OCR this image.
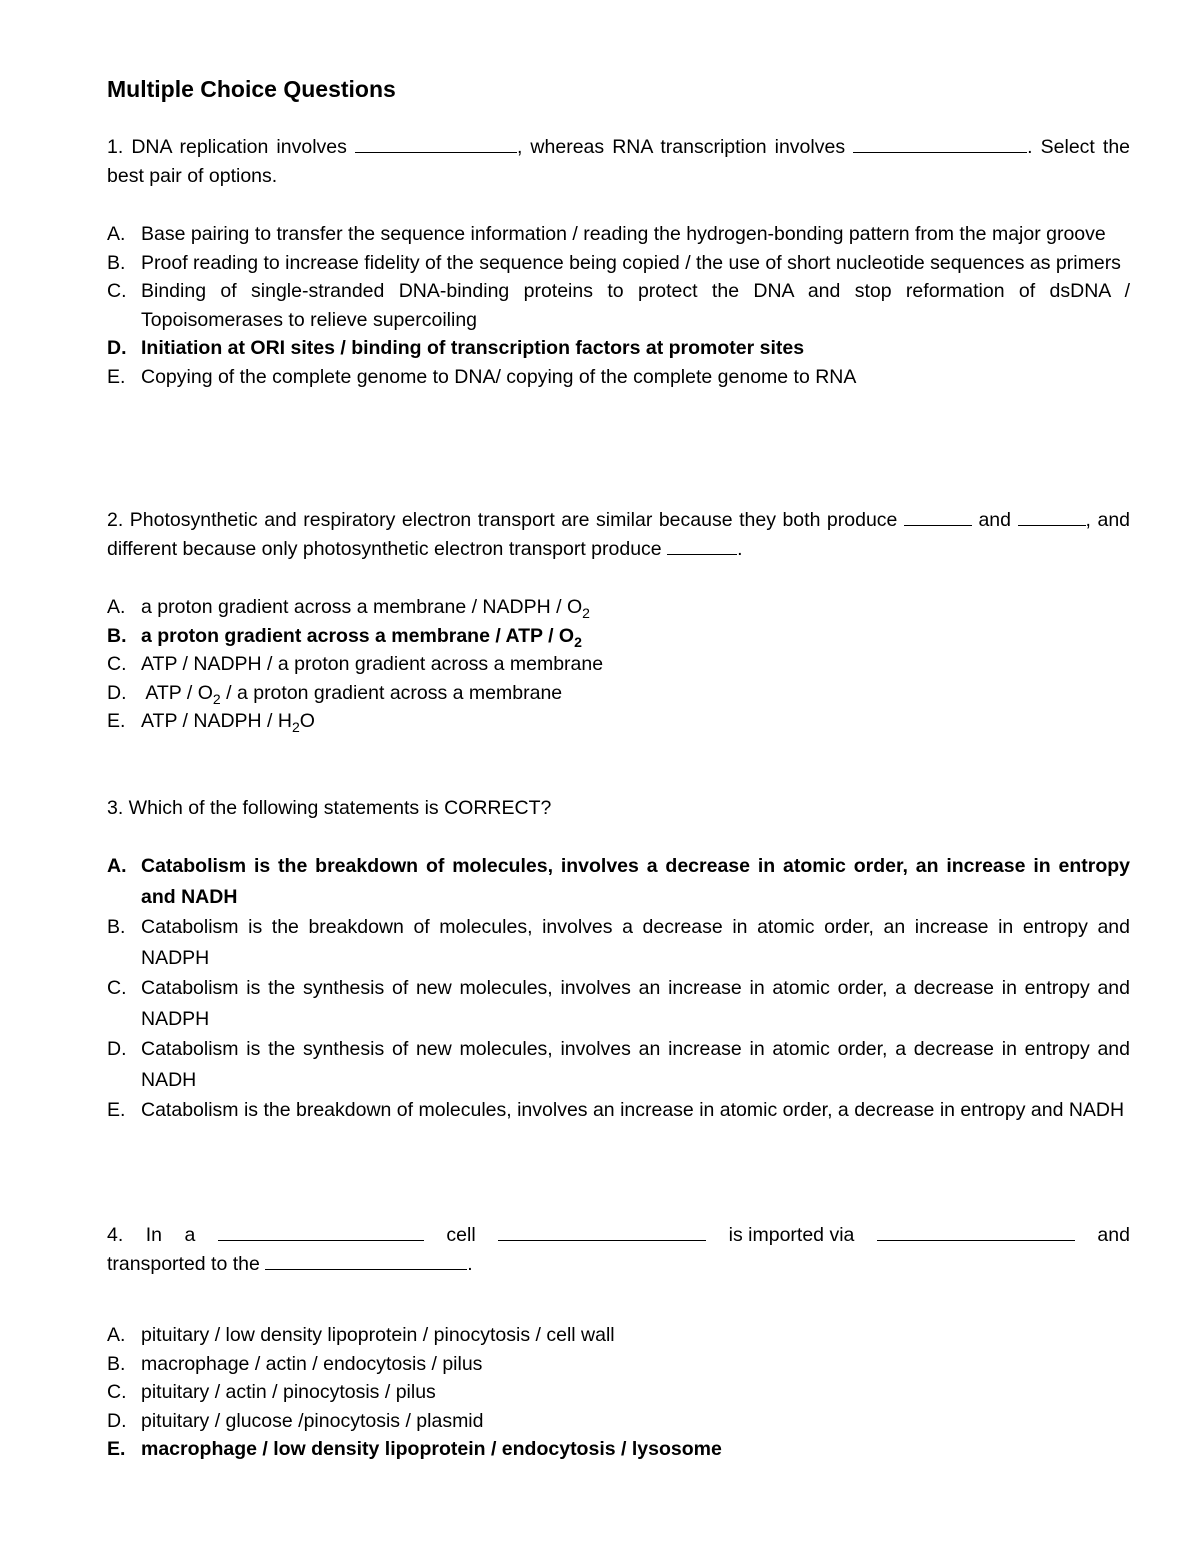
Multiple Choice Questions

1. DNA replication involves	, whereas RNA transcription involves	. Select the best pair of options.

A. Base pairing to transfer the sequence information / reading the hydrogen-bonding pattern from the major groove
B. Proof reading to increase fidelity of the sequence being copied / the use of short nucleotide sequences as primers
C. Binding of single-stranded DNA-binding proteins to protect the DNA and stop reformation of dsDNA / Topoisomerases to relieve supercoiling
D. Initiation at ORI sites / binding of transcription factors at promoter sites
E. Copying of the complete genome to DNA/ copying of the complete genome to RNA

2. Photosynthetic and respiratory electron transport are similar because they both produce	and	, and different because only photosynthetic electron transport produce	.

A. a proton gradient across a membrane / NADPH / $O_2$
B. a proton gradient across a membrane / ATP / $O_2$
C. ATP / NADPH / a proton gradient across a membrane
D. ATP / $O_2$ / a proton gradient across a membrane
E. ATP / NADPH / $H_2O$

3. Which of the following statements is CORRECT?

A. Catabolism is the breakdown of molecules, involves a decrease in atomic order, an increase in entropy and NADH
B. Catabolism is the breakdown of molecules, involves a decrease in atomic order, an increase in entropy and NADPH
C. Catabolism is the synthesis of new molecules, involves an increase in atomic order, a decrease in entropy and NADPH
D. Catabolism is the synthesis of new molecules, involves an increase in atomic order, a decrease in entropy and NADH
E. Catabolism is the breakdown of molecules, involves an increase in atomic order, a decrease in entropy and NADH
4. In a	cell	is imported via	and
transported to the	.
A. pituitary / low density lipoprotein / pinocytosis / cell wall
B. macrophage / actin / endocytosis / pilus
C. pituitary / actin / pinocytosis / pilus
D. pituitary / glucose /pinocytosis / plasmid
E. macrophage / low density lipoprotein / endocytosis / lysosome
